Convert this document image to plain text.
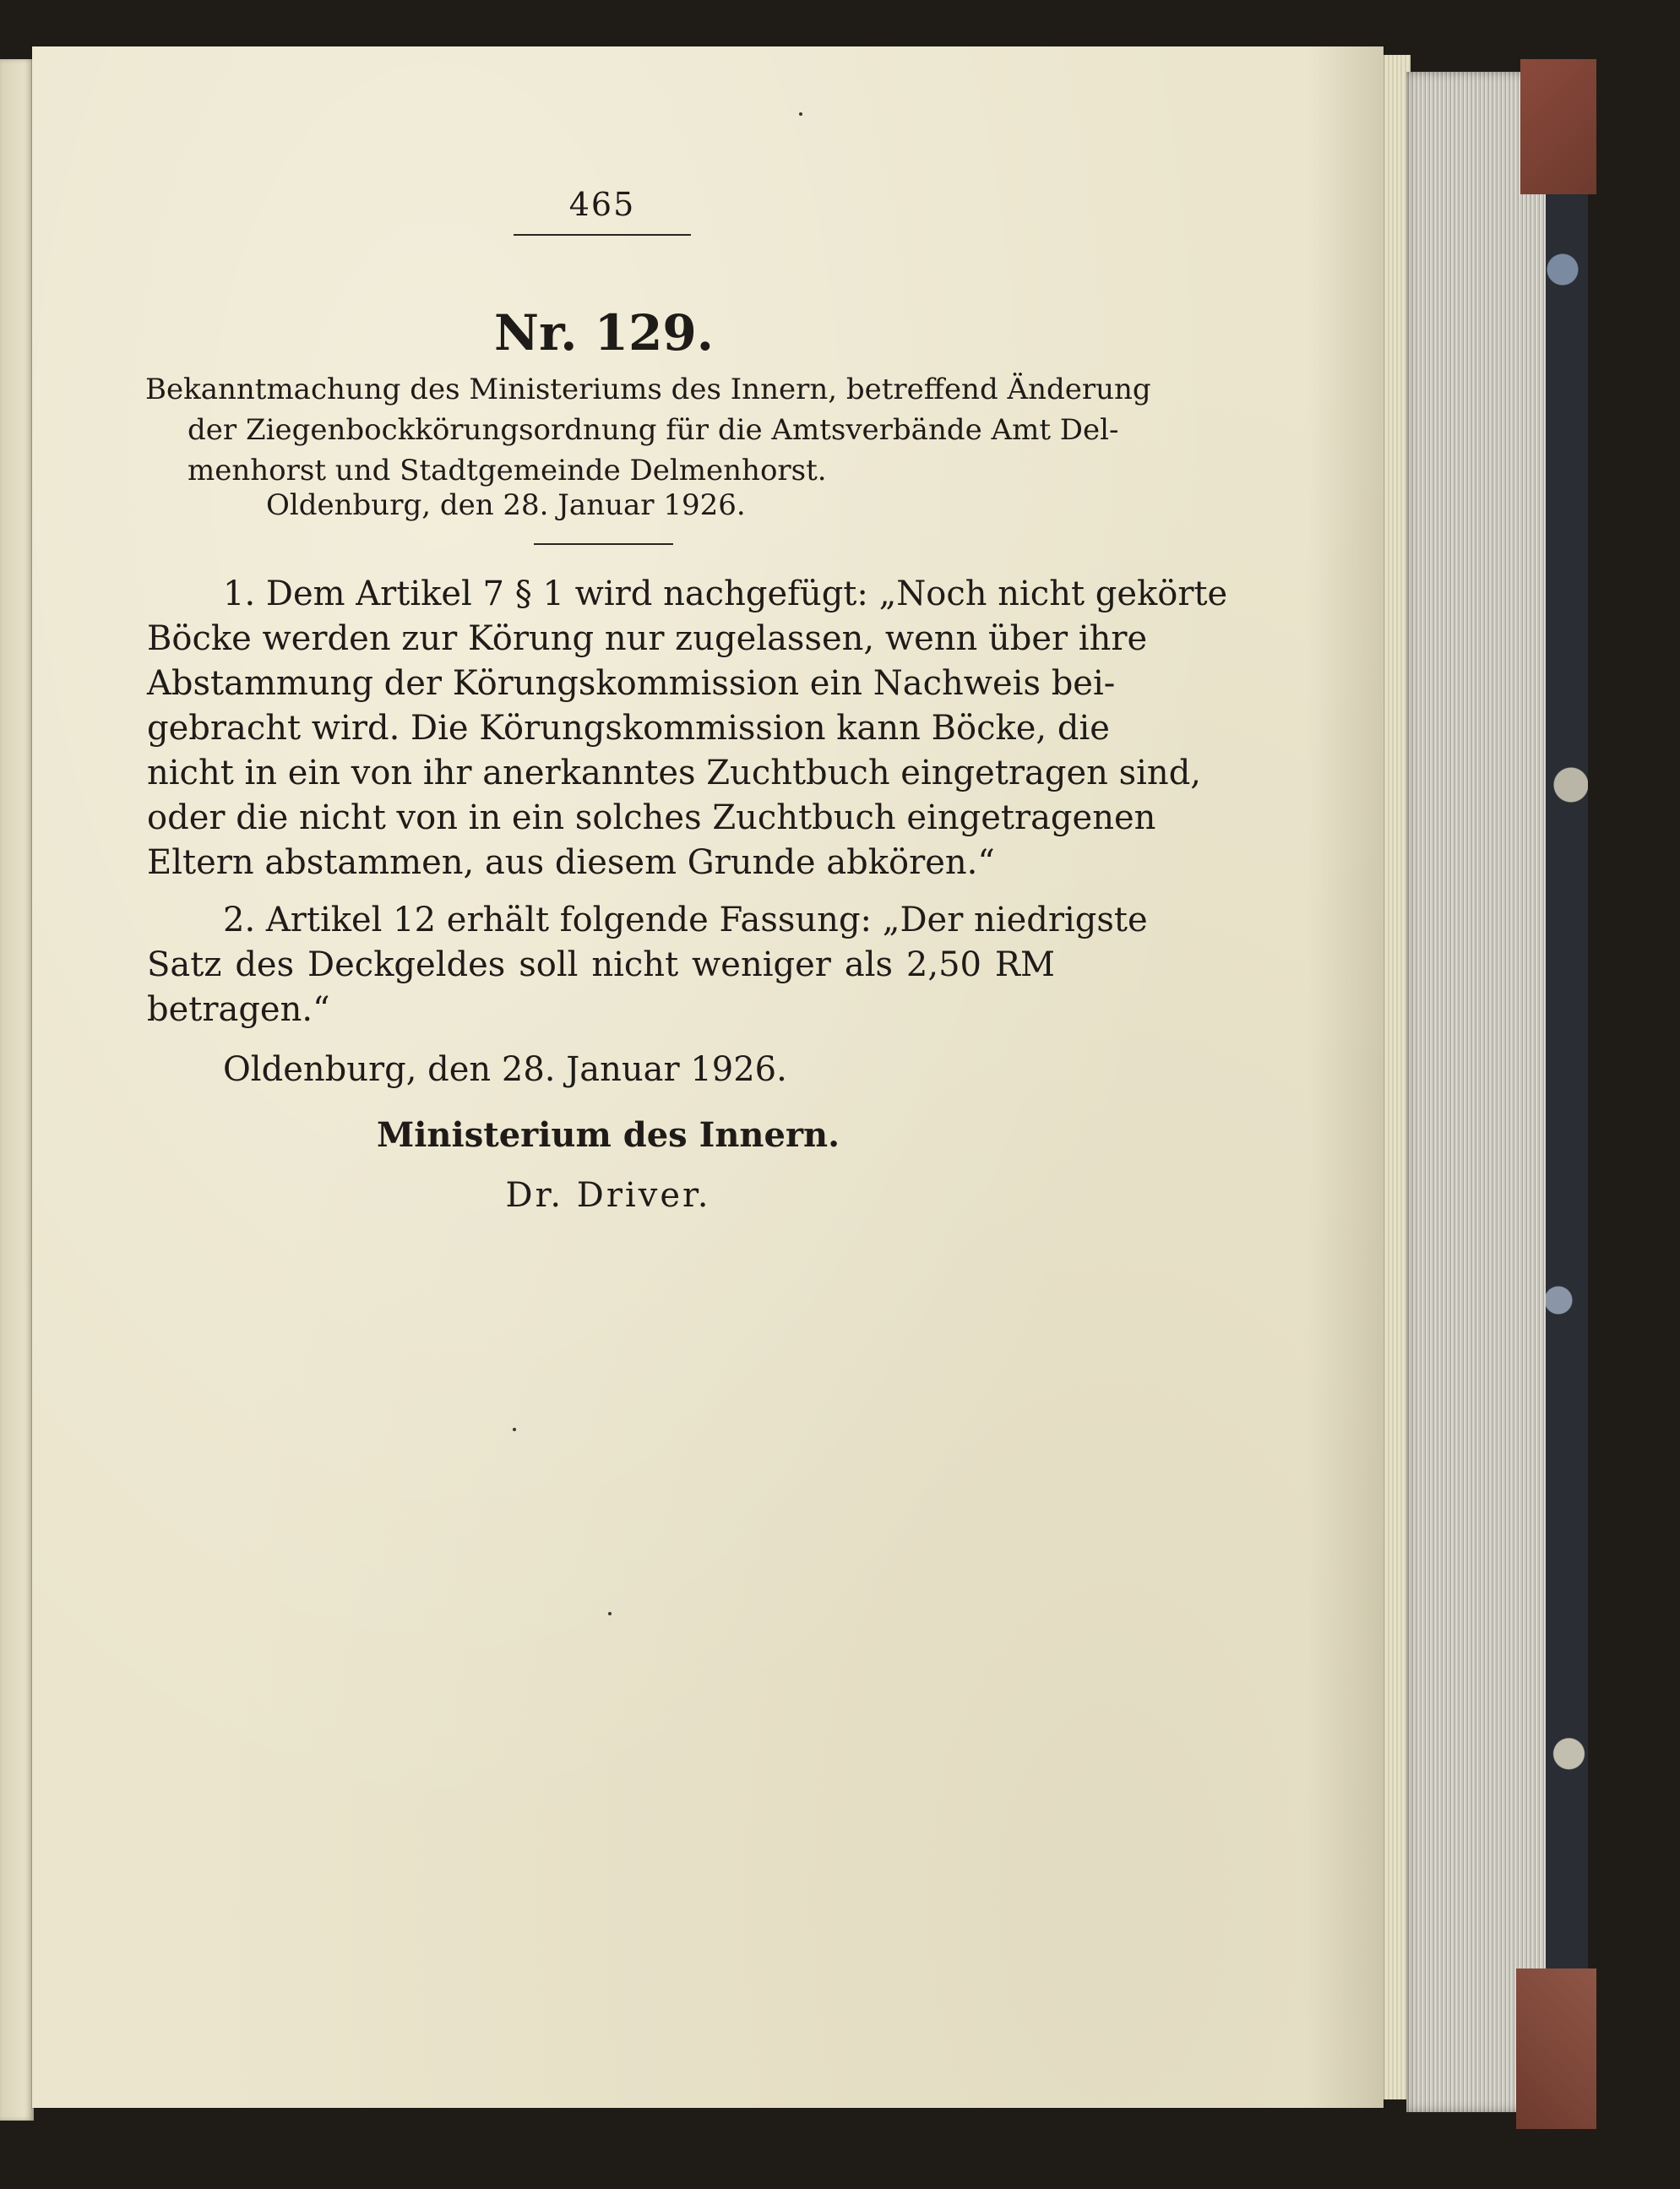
465
Nr. 129.
Bekanntmachung des Ministeriums des Innern, betreffend Änderung
der Ziegenbockkörungsordnung für die Amtsverbände Amt Del-
menhorst und Stadtgemeinde Delmenhorst.
Oldenburg, den 28. Januar 1926.
1. Dem Artikel 7 § 1 wird nachgefügt: „Noch nicht gekörte
Böcke werden zur Körung nur zugelassen, wenn über ihre
Abstammung der Körungskommission ein Nachweis bei-
gebracht wird. Die Körungskommission kann Böcke, die
nicht in ein von ihr anerkanntes Zuchtbuch eingetragen sind,
oder die nicht von in ein solches Zuchtbuch eingetragenen
Eltern abstammen, aus diesem Grunde abkören.“
2. Artikel 12 erhält folgende Fassung: „Der niedrigste
Satz des Deckgeldes soll nicht weniger als 2,50 RM
betragen.“
Oldenburg, den 28. Januar 1926.
Ministerium des Innern.
Dr. Driver.
